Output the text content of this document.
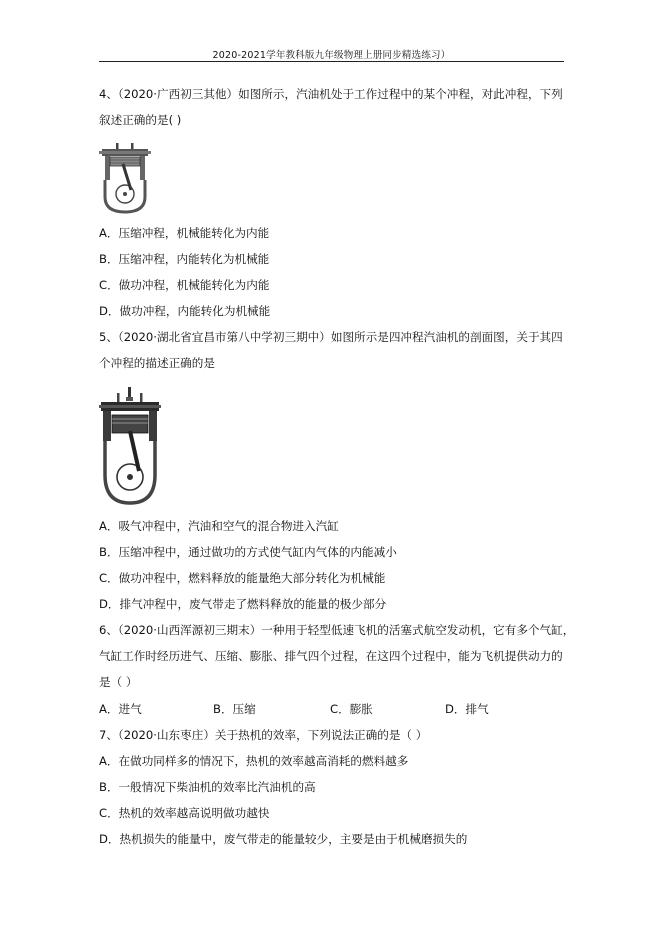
2020-2021学年教科版九年级物理上册同步精选练习）
4、（2020·广西初三其他）如图所示，汽油机处于工作过程中的某个冲程，对此冲程，下列
叙述正确的是( )
A．压缩冲程，机械能转化为内能
B．压缩冲程，内能转化为机械能
C．做功冲程，机械能转化为内能
D．做功冲程，内能转化为机械能
5、（2020·湖北省宜昌市第八中学初三期中）如图所示是四冲程汽油机的剖面图，关于其四
个冲程的描述正确的是
A．吸气冲程中，汽油和空气的混合物进入汽缸
B．压缩冲程中，通过做功的方式使气缸内气体的内能减小
C．做功冲程中，燃料释放的能量绝大部分转化为机械能
D．排气冲程中，废气带走了燃料释放的能量的极少部分
6、（2020·山西浑源初三期末）一种用于轻型低速飞机的活塞式航空发动机，它有多个气缸，
气缸工作时经历进气、压缩、膨胀、排气四个过程，在这四个过程中，能为飞机提供动力的
是（ ）
A．进气	B．压缩	C．膨胀	D．排气
7、（2020·山东枣庄）关于热机的效率，下列说法正确的是（ ）
A．在做功同样多的情况下，热机的效率越高消耗的燃料越多
B．一般情况下柴油机的效率比汽油机的高
C．热机的效率越高说明做功越快
D．热机损失的能量中，废气带走的能量较少，主要是由于机械磨损失的
